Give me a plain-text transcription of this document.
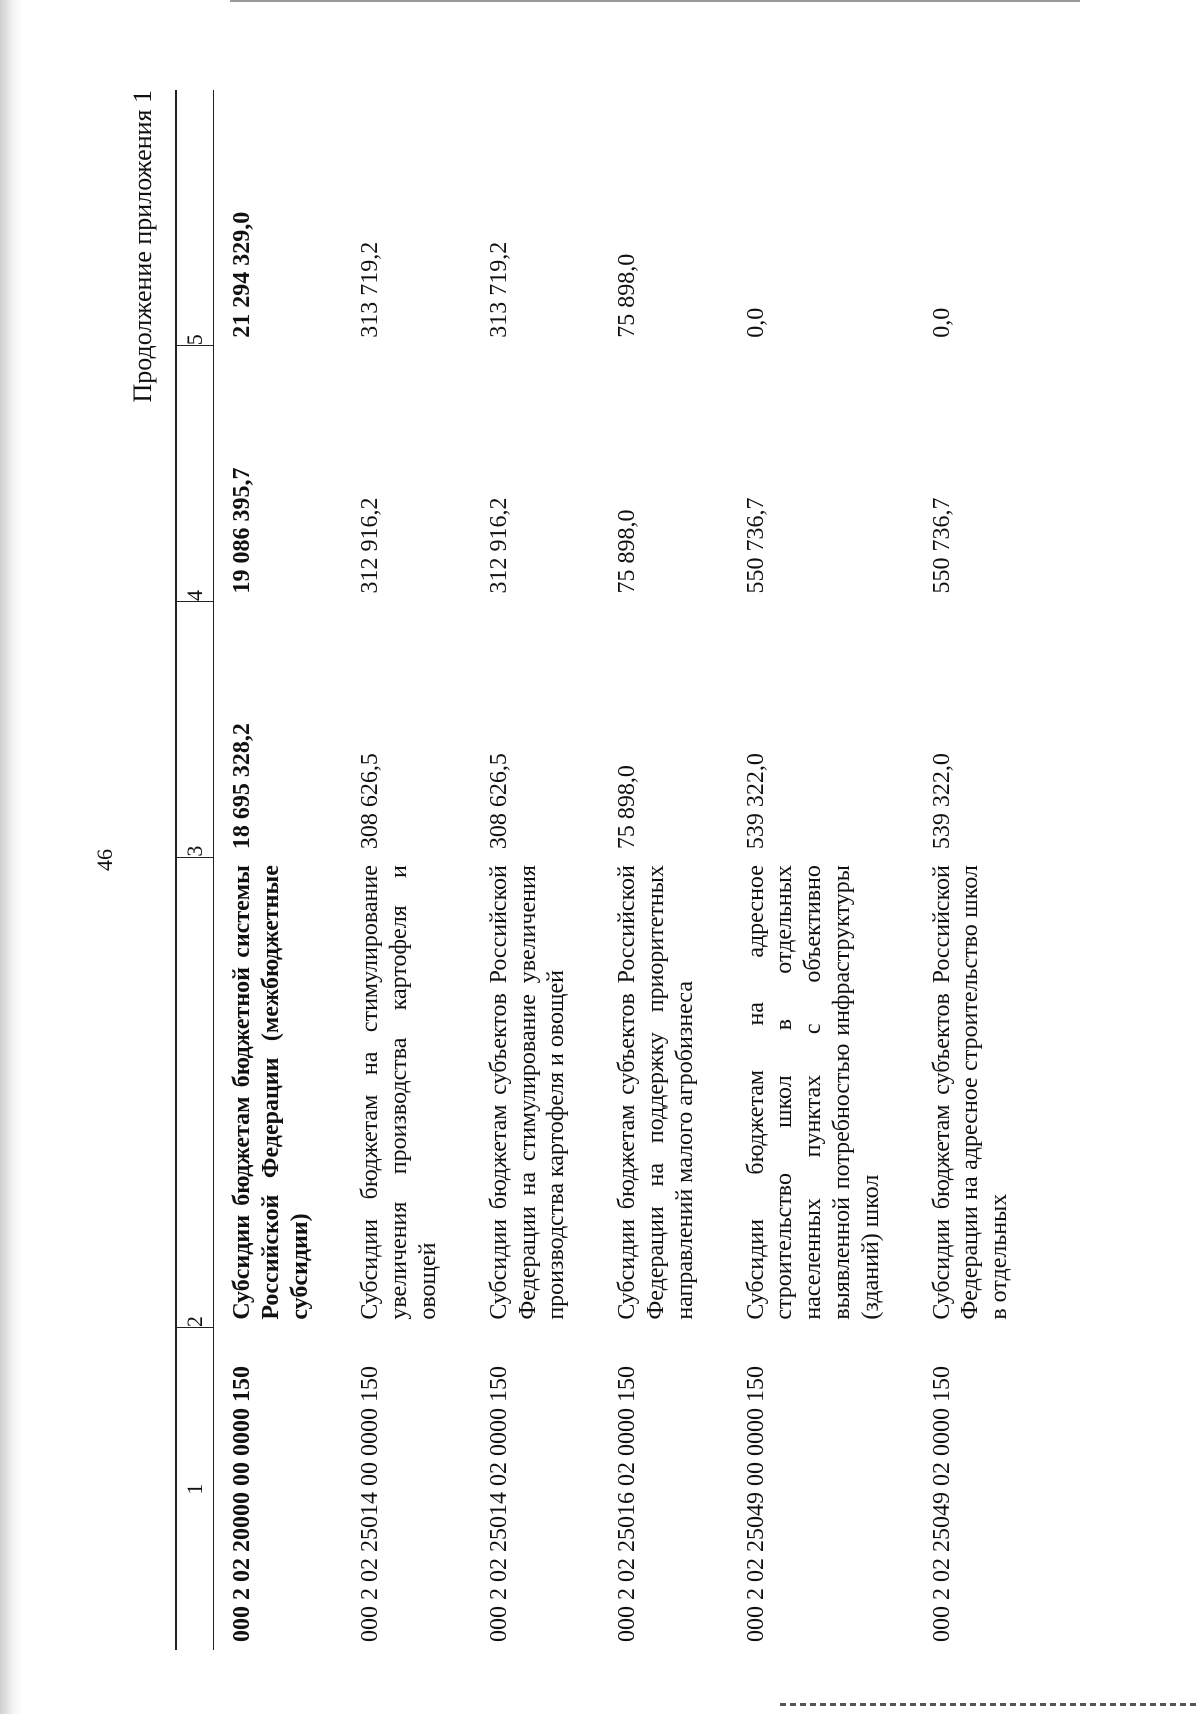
46
Продолжение приложения 1
1	2	3	4	5
000 2 02 20000 00 0000 150	Субсидии бюджетам бюджетной системы Российской Федерации (межбюджетные субсидии)	18 695 328,2	19 086 395,7	21 294 329,0
000 2 02 25014 00 0000 150	Субсидии бюджетам на стимулирование увеличения производства картофеля и овощей	308 626,5	312 916,2	313 719,2
000 2 02 25014 02 0000 150	Субсидии бюджетам субъектов Российской Федерации на стимулирование увеличения производства картофеля и овощей	308 626,5	312 916,2	313 719,2
000 2 02 25016 02 0000 150	Субсидии бюджетам субъектов Российской Федерации на поддержку приоритетных направлений малого агробизнеса	75 898,0	75 898,0	75 898,0
000 2 02 25049 00 0000 150	Субсидии бюджетам на адресное строительство школ в отдельных населенных пунктах с объективно выявленной потребностью инфраструктуры (зданий) школ	539 322,0	550 736,7	0,0
000 2 02 25049 02 0000 150	Субсидии бюджетам субъектов Российской Федерации на адресное строительство школ в отдельных	539 322,0	550 736,7	0,0
